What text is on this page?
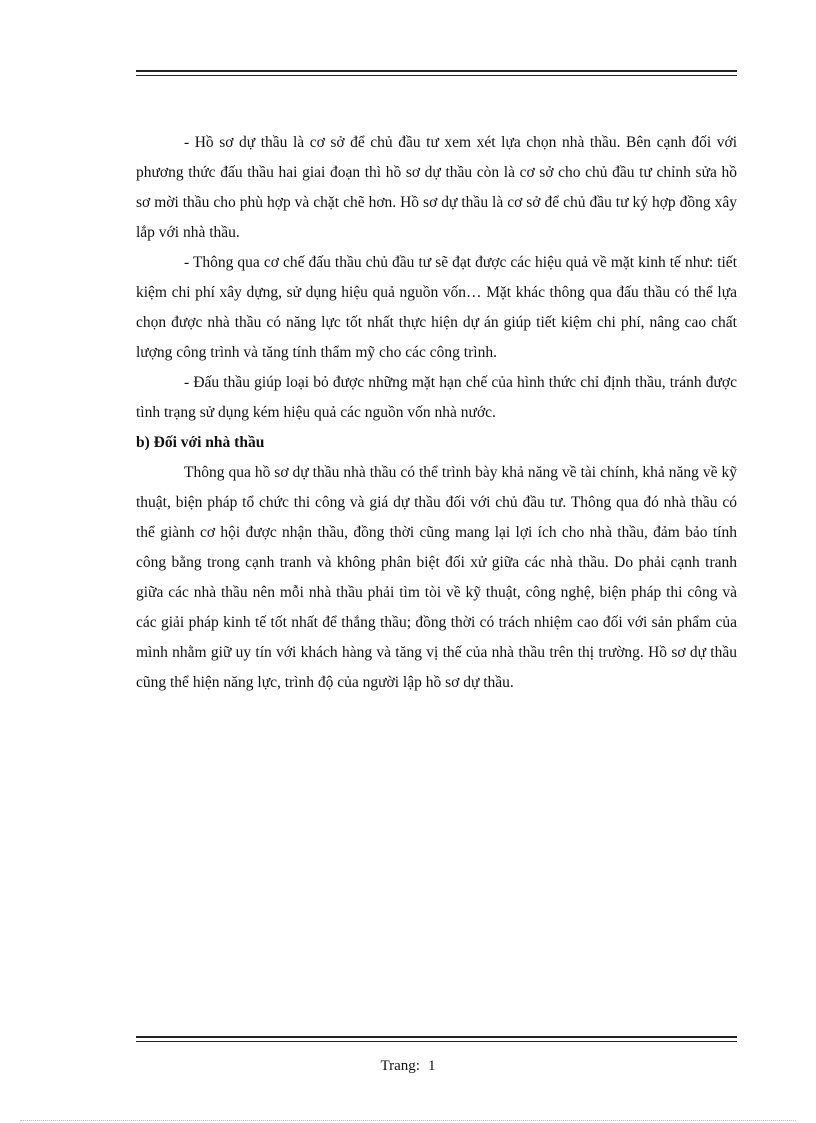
- Hồ sơ dự thầu là cơ sở để chủ đầu tư xem xét lựa chọn nhà thầu. Bên cạnh đối với phương thức đấu thầu hai giai đoạn thì hồ sơ dự thầu còn là cơ sở cho chủ đầu tư chỉnh sửa hồ sơ mời thầu cho phù hợp và chặt chẽ hơn. Hồ sơ dự thầu là cơ sở để chủ đầu tư ký hợp đồng xây lắp với nhà thầu.

- Thông qua cơ chế đấu thầu chủ đầu tư sẽ đạt được các hiệu quả về mặt kinh tế như: tiết kiệm chi phí xây dựng, sử dụng hiệu quả nguồn vốn… Mặt khác thông qua đấu thầu có thể lựa chọn được nhà thầu có năng lực tốt nhất thực hiện dự án giúp tiết kiệm chi phí, nâng cao chất lượng công trình và tăng tính thẩm mỹ cho các công trình.

- Đấu thầu giúp loại bỏ được những mặt hạn chế của hình thức chỉ định thầu, tránh được tình trạng sử dụng kém hiệu quả các nguồn vốn nhà nước.

b) Đối với nhà thầu

Thông qua hồ sơ dự thầu nhà thầu có thể trình bày khả năng về tài chính, khả năng về kỹ thuật, biện pháp tổ chức thi công và giá dự thầu đối với chủ đầu tư. Thông qua đó nhà thầu có thể giành cơ hội được nhận thầu, đồng thời cũng mang lại lợi ích cho nhà thầu, đảm bảo tính công bằng trong cạnh tranh và không phân biệt đối xử giữa các nhà thầu. Do phải cạnh tranh giữa các nhà thầu nên mỗi nhà thầu phải tìm tòi về kỹ thuật, công nghệ, biện pháp thi công và các giải pháp kinh tế tốt nhất để thắng thầu; đồng thời có trách nhiệm cao đối với sản phẩm của mình nhằm giữ uy tín với khách hàng và tăng vị thế của nhà thầu trên thị trường. Hồ sơ dự thầu cũng thể hiện năng lực, trình độ của người lập hồ sơ dự thầu.

Trang: 1
